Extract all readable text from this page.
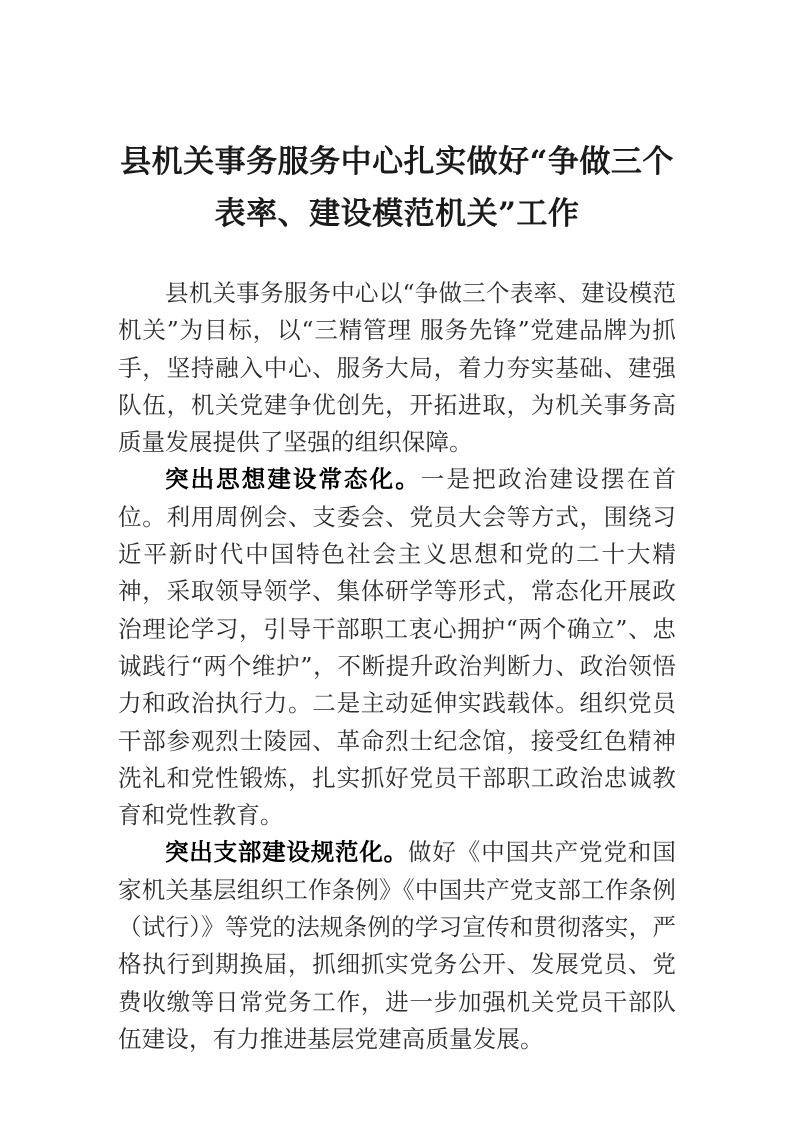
县机关事务服务中心扎实做好“争做三个表率、建设模范机关”工作

县机关事务服务中心以“争做三个表率、建设模范机关”为目标，以“三精管理 服务先锋”党建品牌为抓手，坚持融入中心、服务大局，着力夯实基础、建强队伍，机关党建争优创先，开拓进取，为机关事务高质量发展提供了坚强的组织保障。

突出思想建设常态化。一是把政治建设摆在首位。利用周例会、支委会、党员大会等方式，围绕习近平新时代中国特色社会主义思想和党的二十大精神，采取领导领学、集体研学等形式，常态化开展政治理论学习，引导干部职工衷心拥护“两个确立”、忠诚践行“两个维护”，不断提升政治判断力、政治领悟力和政治执行力。二是主动延伸实践载体。组织党员干部参观烈士陵园、革命烈士纪念馆，接受红色精神洗礼和党性锻炼，扎实抓好党员干部职工政治忠诚教育和党性教育。

突出支部建设规范化。做好《中国共产党党和国家机关基层组织工作条例》《中国共产党支部工作条例（试行）》等党的法规条例的学习宣传和贯彻落实，严格执行到期换届，抓细抓实党务公开、发展党员、党费收缴等日常党务工作，进一步加强机关党员干部队伍建设，有力推进基层党建高质量发展。
